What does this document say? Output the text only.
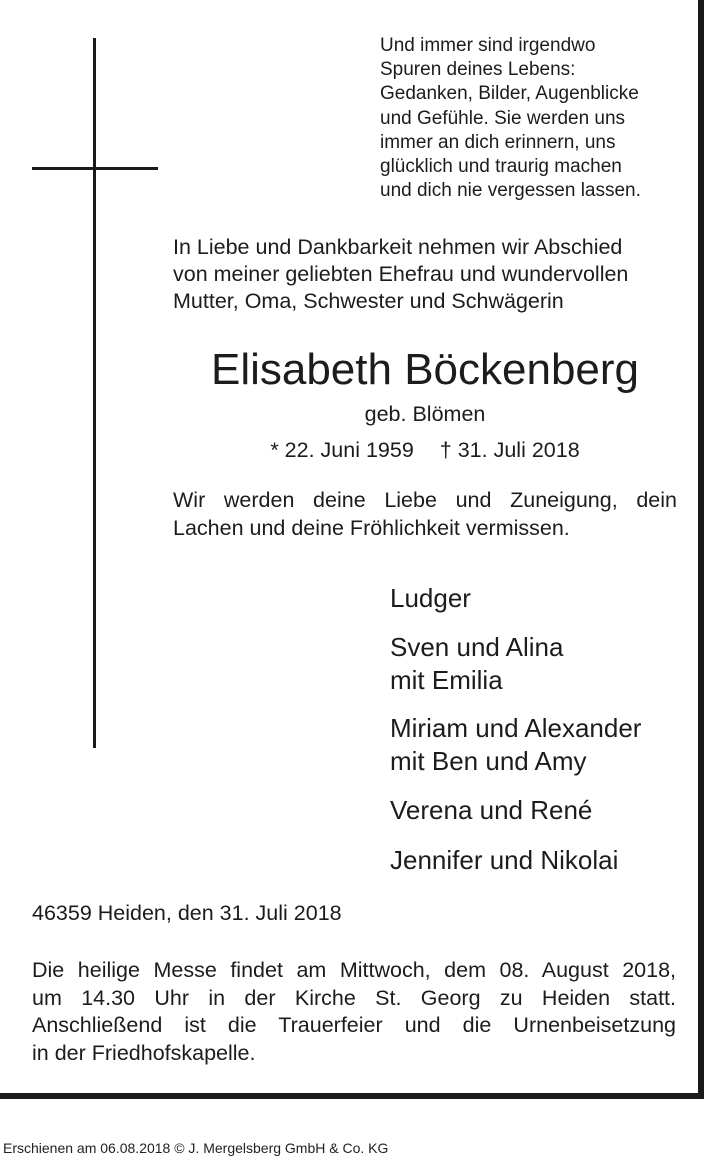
Und immer sind irgendwo
Spuren deines Lebens:
Gedanken, Bilder, Augenblicke
und Gefühle. Sie werden uns
immer an dich erinnern, uns
glücklich und traurig machen
und dich nie vergessen lassen.

In Liebe und Dankbarkeit nehmen wir Abschied
von meiner geliebten Ehefrau und wundervollen
Mutter, Oma, Schwester und Schwägerin

Elisabeth Böckenberg
geb. Blömen
* 22. Juni 1959 † 31. Juli 2018

Wir werden deine Liebe und Zuneigung, dein
Lachen und deine Fröhlichkeit vermissen.

Ludger

Sven und Alina
mit Emilia

Miriam und Alexander
mit Ben und Amy

Verena und René

Jennifer und Nikolai

46359 Heiden, den 31. Juli 2018

Die heilige Messe findet am Mittwoch, dem 08. August 2018,
um 14.30 Uhr in der Kirche St. Georg zu Heiden statt.
Anschließend ist die Trauerfeier und die Urnenbeisetzung
in der Friedhofskapelle.

Erschienen am 06.08.2018 © J. Mergelsberg GmbH & Co. KG
